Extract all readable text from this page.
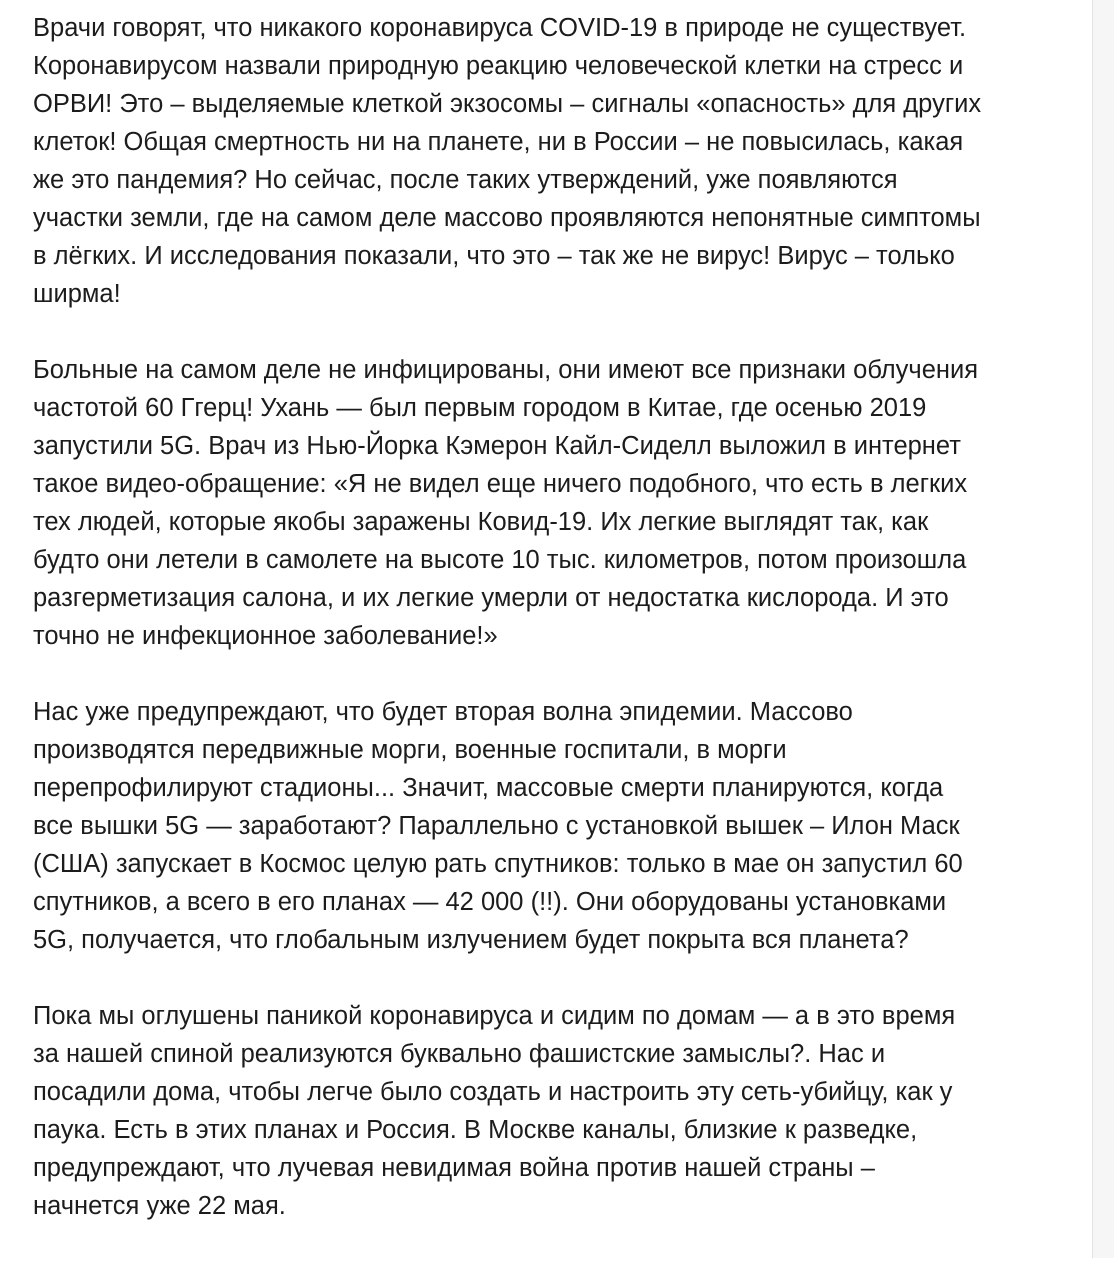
Врачи говорят, что никакого коронавируса COVID-19 в природе не существует.
Коронавирусом назвали природную реакцию человеческой клетки на стресс и
ОРВИ! Это – выделяемые клеткой экзосомы – сигналы «опасность» для других
клеток! Общая смертность ни на планете, ни в России – не повысилась, какая
же это пандемия? Но сейчас, после таких утверждений, уже появляются
участки земли, где на самом деле массово проявляются непонятные симптомы
в лёгких. И исследования показали, что это – так же не вирус! Вирус – только
ширма!

Больные на самом деле не инфицированы, они имеют все признаки облучения
частотой 60 Ггерц! Ухань — был первым городом в Китае, где осенью 2019
запустили 5G. Врач из Нью-Йорка Кэмерон Кайл-Сиделл выложил в интернет
такое видео-обращение: «Я не видел еще ничего подобного, что есть в легких
тех людей, которые якобы заражены Ковид-19. Их легкие выглядят так, как
будто они летели в самолете на высоте 10 тыс. километров, потом произошла
разгерметизация салона, и их легкие умерли от недостатка кислорода. И это
точно не инфекционное заболевание!»

Нас уже предупреждают, что будет вторая волна эпидемии. Массово
производятся передвижные морги, военные госпитали, в морги
перепрофилируют стадионы... Значит, массовые смерти планируются, когда
все вышки 5G — заработают? Параллельно с установкой вышек – Илон Маск
(США) запускает в Космос целую рать спутников: только в мае он запустил 60
спутников, а всего в его планах — 42 000 (!!). Они оборудованы установками
5G, получается, что глобальным излучением будет покрыта вся планета?

Пока мы оглушены паникой коронавируса и сидим по домам — а в это время
за нашей спиной реализуются буквально фашистские замыслы?. Нас и
посадили дома, чтобы легче было создать и настроить эту сеть-убийцу, как у
паука. Есть в этих планах и Россия. В Москве каналы, близкие к разведке,
предупреждают, что лучевая невидимая война против нашей страны –
начнется уже 22 мая.
